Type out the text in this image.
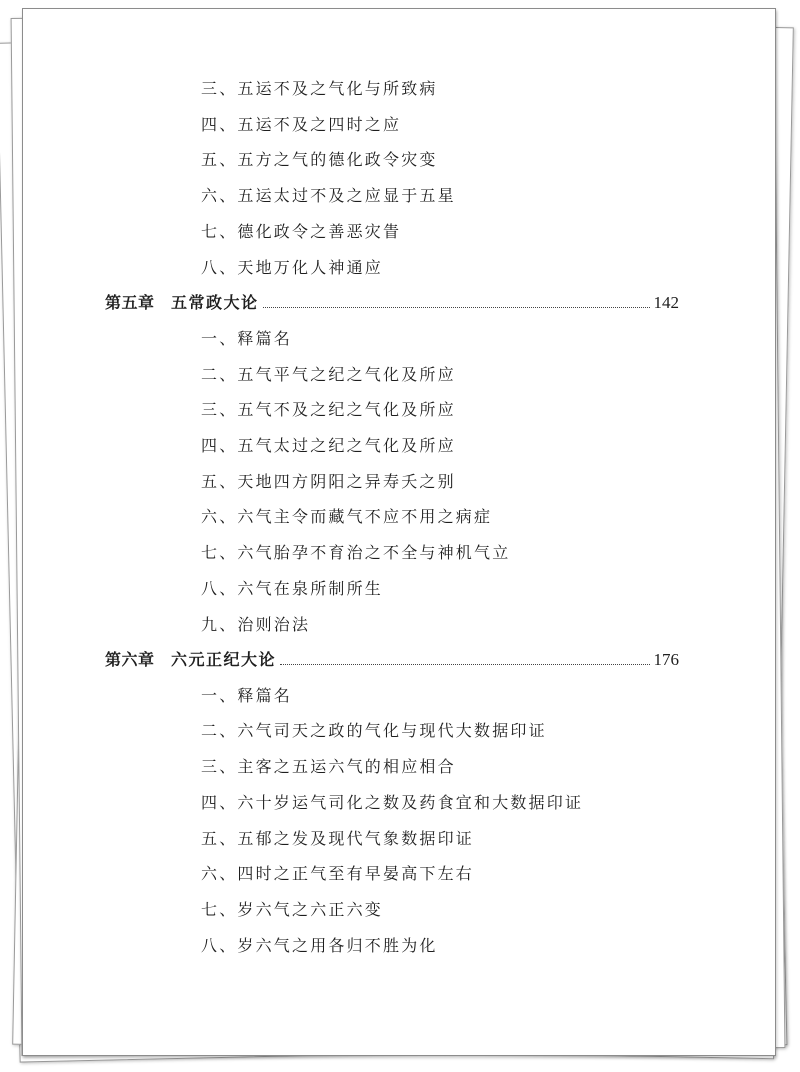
三、五运不及之气化与所致病
四、五运不及之四时之应
五、五方之气的德化政令灾变
六、五运太过不及之应显于五星
七、德化政令之善恶灾眚
八、天地万化人神通应
第五章	五常政大论	142
一、释篇名
二、五气平气之纪之气化及所应
三、五气不及之纪之气化及所应
四、五气太过之纪之气化及所应
五、天地四方阴阳之异寿夭之别
六、六气主令而藏气不应不用之病症
七、六气胎孕不育治之不全与神机气立
八、六气在泉所制所生
九、治则治法
第六章	六元正纪大论	176
一、释篇名
二、六气司天之政的气化与现代大数据印证
三、主客之五运六气的相应相合
四、六十岁运气司化之数及药食宜和大数据印证
五、五郁之发及现代气象数据印证
六、四时之正气至有早晏高下左右
七、岁六气之六正六变
八、岁六气之用各归不胜为化
